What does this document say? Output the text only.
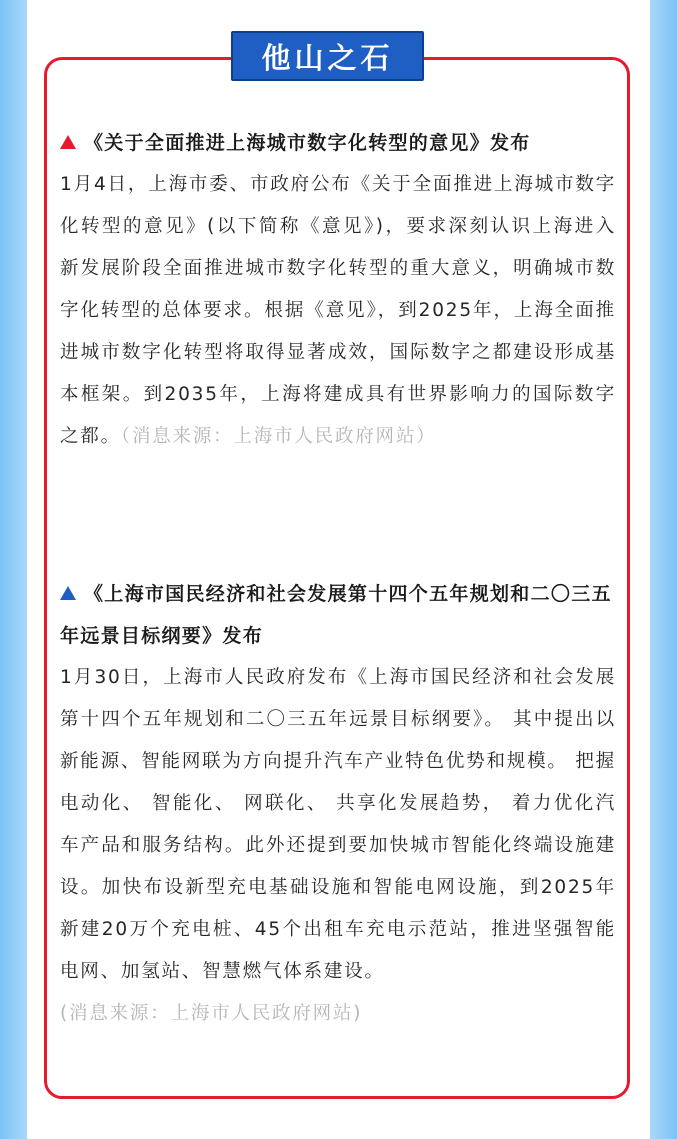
他山之石
《关于全面推进上海城市数字化转型的意见》发布
1月4日，上海市委、市政府公布《关于全面推进上海城市数字化转型的意见》(以下简称《意见》)，要求深刻认识上海进入新发展阶段全面推进城市数字化转型的重大意义，明确城市数字化转型的总体要求。根据《意见》，到2025年，上海全面推进城市数字化转型将取得显著成效，国际数字之都建设形成基本框架。到2035年，上海将建成具有世界影响力的国际数字之都。（消息来源：上海市人民政府网站）
《上海市国民经济和社会发展第十四个五年规划和二〇三五年远景目标纲要》发布
1月30日，上海市人民政府发布《上海市国民经济和社会发展第十四个五年规划和二〇三五年远景目标纲要》。 其中提出以新能源、智能网联为方向提升汽车产业特色优势和规模。 把握电动化、 智能化、 网联化、 共享化发展趋势， 着力优化汽车产品和服务结构。此外还提到要加快城市智能化终端设施建设。加快布设新型充电基础设施和智能电网设施，到2025年新建20万个充电桩、45个出租车充电示范站，推进坚强智能电网、加氢站、智慧燃气体系建设。
(消息来源：上海市人民政府网站)
